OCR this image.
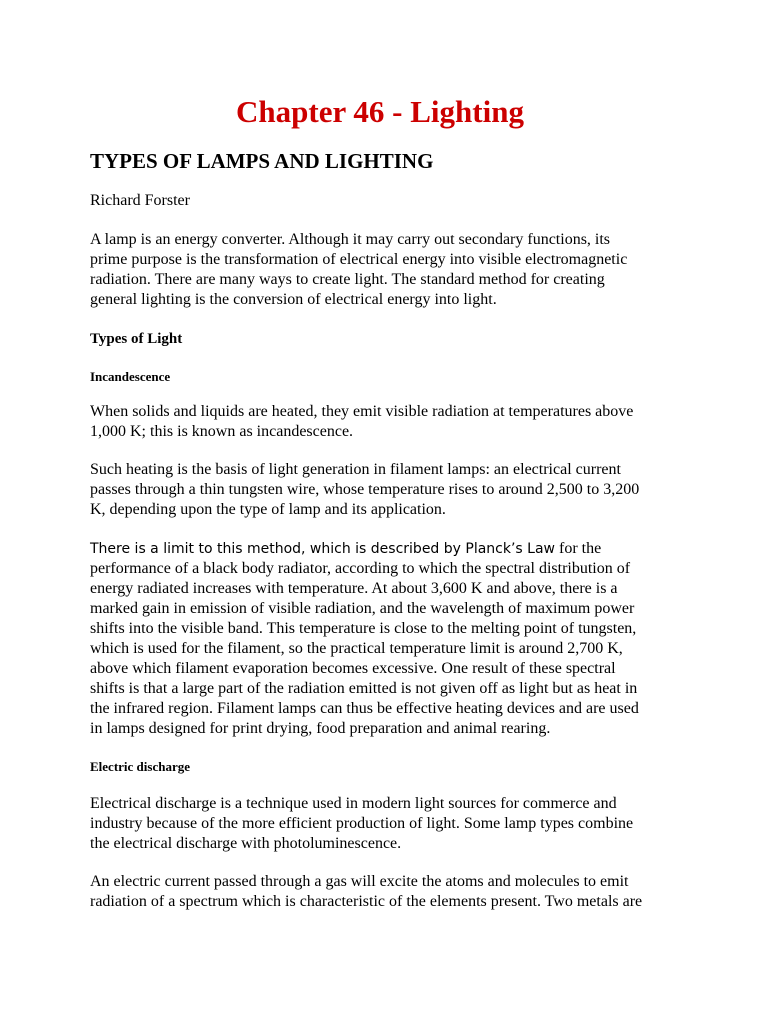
Chapter 46 - Lighting
TYPES OF LAMPS AND LIGHTING

Richard Forster

A lamp is an energy converter. Although it may carry out secondary functions, its
prime purpose is the transformation of electrical energy into visible electromagnetic
radiation. There are many ways to create light. The standard method for creating
general lighting is the conversion of electrical energy into light.

Types of Light
Incandescence

When solids and liquids are heated, they emit visible radiation at temperatures above
1,000 K; this is known as incandescence.

Such heating is the basis of light generation in filament lamps: an electrical current
passes through a thin tungsten wire, whose temperature rises to around 2,500 to 3,200
K, depending upon the type of lamp and its application.

There is a limit to this method, which is described by Planck’s Law for the
performance of a black body radiator, according to which the spectral distribution of
energy radiated increases with temperature. At about 3,600 K and above, there is a
marked gain in emission of visible radiation, and the wavelength of maximum power
shifts into the visible band. This temperature is close to the melting point of tungsten,
which is used for the filament, so the practical temperature limit is around 2,700 K,
above which filament evaporation becomes excessive. One result of these spectral
shifts is that a large part of the radiation emitted is not given off as light but as heat in
the infrared region. Filament lamps can thus be effective heating devices and are used
in lamps designed for print drying, food preparation and animal rearing.

Electric discharge

Electrical discharge is a technique used in modern light sources for commerce and
industry because of the more efficient production of light. Some lamp types combine
the electrical discharge with photoluminescence.

An electric current passed through a gas will excite the atoms and molecules to emit
radiation of a spectrum which is characteristic of the elements present. Two metals are
